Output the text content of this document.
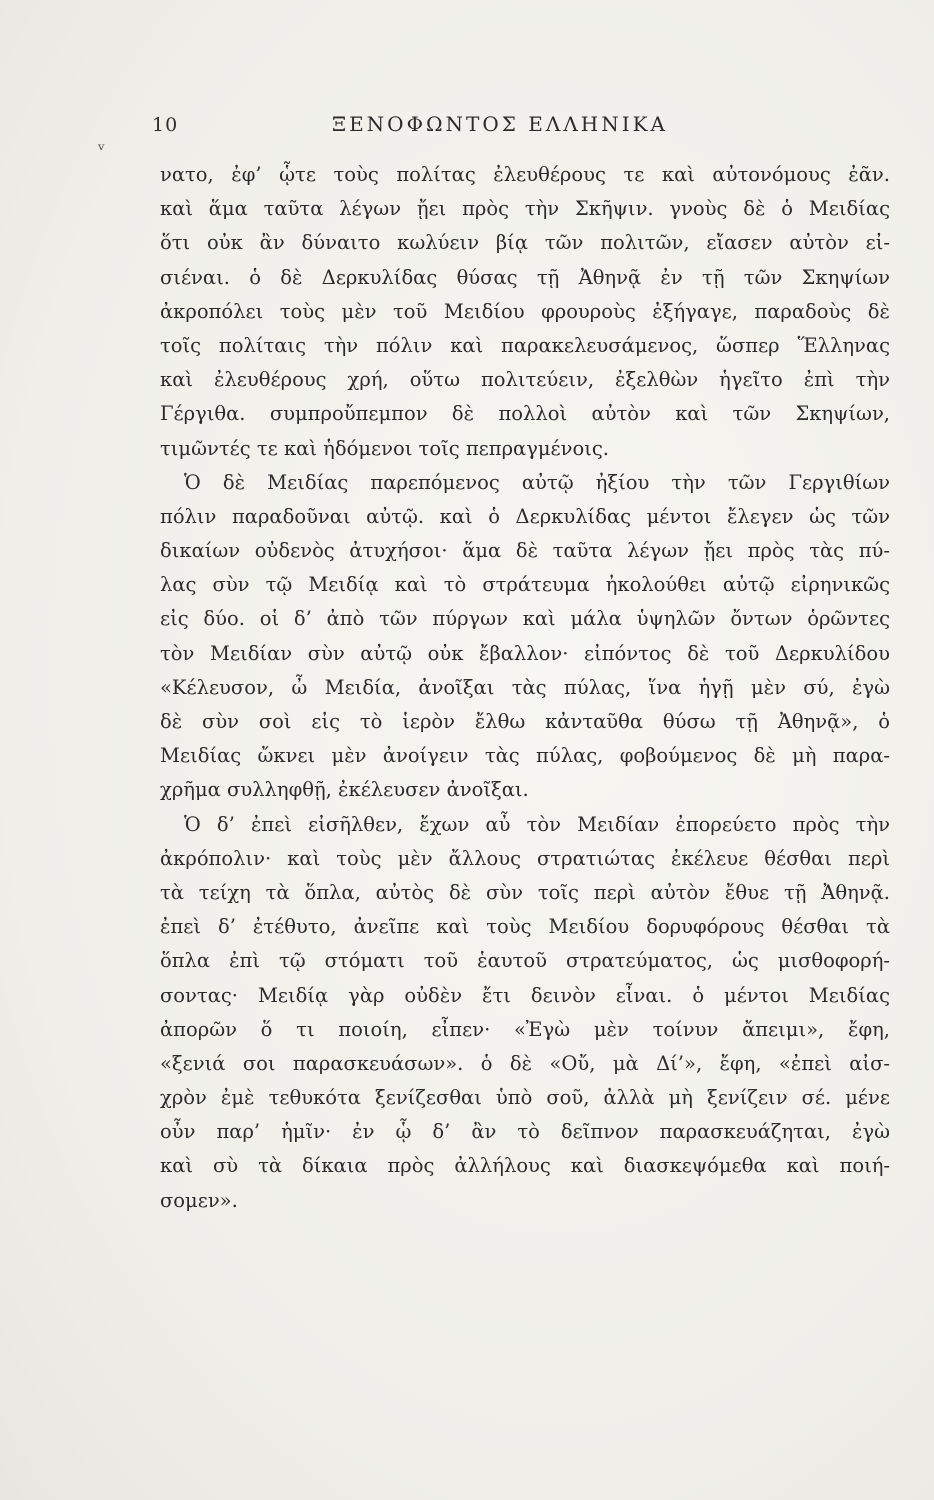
10	ΞΕΝΟΦΩΝΤΟΣ ΕΛΛΗΝΙΚΑ
ᵛ
νατο, ἐφ’ ᾧτε τοὺς πολίτας ἐλευθέρους τε καὶ αὐτονόμους ἐᾶν.
καὶ ἅμα ταῦτα λέγων ᾔει πρὸς τὴν Σκῆψιν. γνοὺς δὲ ὁ Μειδίας
ὅτι οὐκ ἂν δύναιτο κωλύειν βίᾳ τῶν πολιτῶν, εἴασεν αὐτὸν εἰ-
σιέναι. ὁ δὲ Δερκυλίδας θύσας τῇ Ἀθηνᾷ ἐν τῇ τῶν Σκηψίων
ἀκροπόλει τοὺς μὲν τοῦ Μειδίου φρουροὺς ἐξήγαγε, παραδοὺς δὲ
τοῖς πολίταις τὴν πόλιν καὶ παρακελευσάμενος, ὥσπερ Ἕλληνας
καὶ ἐλευθέρους χρή, οὕτω πολιτεύειν, ἐξελθὼν ἡγεῖτο ἐπὶ τὴν
Γέργιθα. συμπροὔπεμπον δὲ πολλοὶ αὐτὸν καὶ τῶν Σκηψίων,
τιμῶντές τε καὶ ἡδόμενοι τοῖς πεπραγμένοις.
Ὁ δὲ Μειδίας παρεπόμενος αὐτῷ ἠξίου τὴν τῶν Γεργιθίων
πόλιν παραδοῦναι αὐτῷ. καὶ ὁ Δερκυλίδας μέντοι ἔλεγεν ὡς τῶν
δικαίων οὐδενὸς ἀτυχήσοι· ἅμα δὲ ταῦτα λέγων ᾔει πρὸς τὰς πύ-
λας σὺν τῷ Μειδίᾳ καὶ τὸ στράτευμα ἠκολούθει αὐτῷ εἰρηνικῶς
εἰς δύο. οἱ δ’ ἀπὸ τῶν πύργων καὶ μάλα ὑψηλῶν ὄντων ὁρῶντες
τὸν Μειδίαν σὺν αὐτῷ οὐκ ἔβαλλον· εἰπόντος δὲ τοῦ Δερκυλίδου
«Κέλευσον, ὦ Μειδία, ἀνοῖξαι τὰς πύλας, ἵνα ἡγῇ μὲν σύ, ἐγὼ
δὲ σὺν σοὶ εἰς τὸ ἱερὸν ἔλθω κἀνταῦθα θύσω τῇ Ἀθηνᾷ», ὁ
Μειδίας ὤκνει μὲν ἀνοίγειν τὰς πύλας, φοβούμενος δὲ μὴ παρα-
χρῆμα συλληφθῇ, ἐκέλευσεν ἀνοῖξαι.
Ὁ δ’ ἐπεὶ εἰσῆλθεν, ἔχων αὖ τὸν Μειδίαν ἐπορεύετο πρὸς τὴν
ἀκρόπολιν· καὶ τοὺς μὲν ἄλλους στρατιώτας ἐκέλευε θέσθαι περὶ
τὰ τείχη τὰ ὅπλα, αὐτὸς δὲ σὺν τοῖς περὶ αὐτὸν ἔθυε τῇ Ἀθηνᾷ.
ἐπεὶ δ’ ἐτέθυτο, ἀνεῖπε καὶ τοὺς Μειδίου δορυφόρους θέσθαι τὰ
ὅπλα ἐπὶ τῷ στόματι τοῦ ἑαυτοῦ στρατεύματος, ὡς μισθοφορή-
σοντας· Μειδίᾳ γὰρ οὐδὲν ἔτι δεινὸν εἶναι. ὁ μέντοι Μειδίας
ἀπορῶν ὅ τι ποιοίη, εἶπεν· «Ἐγὼ μὲν τοίνυν ἄπειμι», ἔφη,
«ξενιά σοι παρασκευάσων». ὁ δὲ «Οὔ, μὰ Δί’», ἔφη, «ἐπεὶ αἰσ-
χρὸν ἐμὲ τεθυκότα ξενίζεσθαι ὑπὸ σοῦ, ἀλλὰ μὴ ξενίζειν σέ. μένε
οὖν παρ’ ἡμῖν· ἐν ᾧ δ’ ἂν τὸ δεῖπνον παρασκευάζηται, ἐγὼ
καὶ σὺ τὰ δίκαια πρὸς ἀλλήλους καὶ διασκεψόμεθα καὶ ποιή-
σομεν».
